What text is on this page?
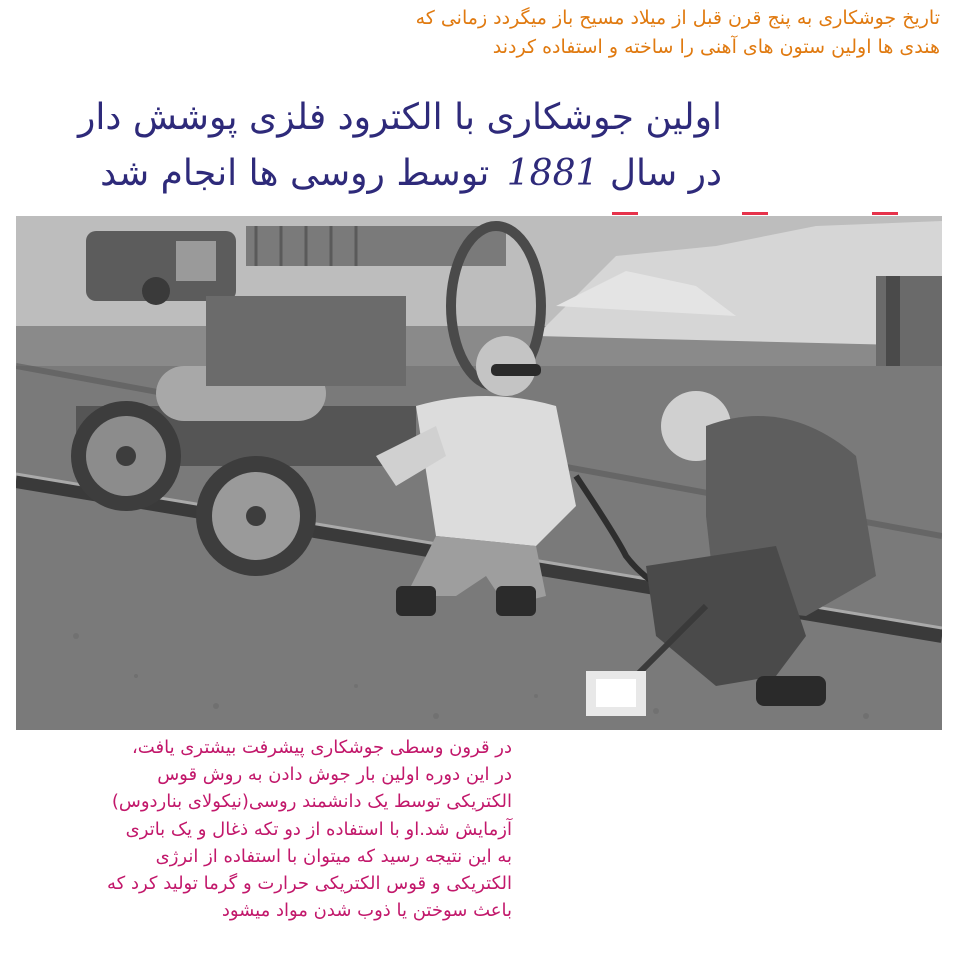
تاریخ جوشکاری به پنج قرن قبل از میلاد مسیح باز میگردد زمانی که
هندی ها اولین ستون های آهنی را ساخته و استفاده کردند
اولین جوشکاری با الکترود فلزی پوشش دار
در سال 1881 توسط روسی ها انجام شد
در قرون وسطی جوشکاری پیشرفت بیشتری یافت،
در این دوره اولین بار جوش دادن به روش قوس
الکتریکی توسط یک دانشمند روسی(نیکولای بناردوس)
آزمایش شد.او با استفاده از دو تکه ذغال و یک باتری
به این نتیجه رسید که میتوان با استفاده از انرژی
الکتریکی و قوس الکتریکی حرارت و گرما تولید کرد که
باعث سوختن یا ذوب شدن مواد میشود
